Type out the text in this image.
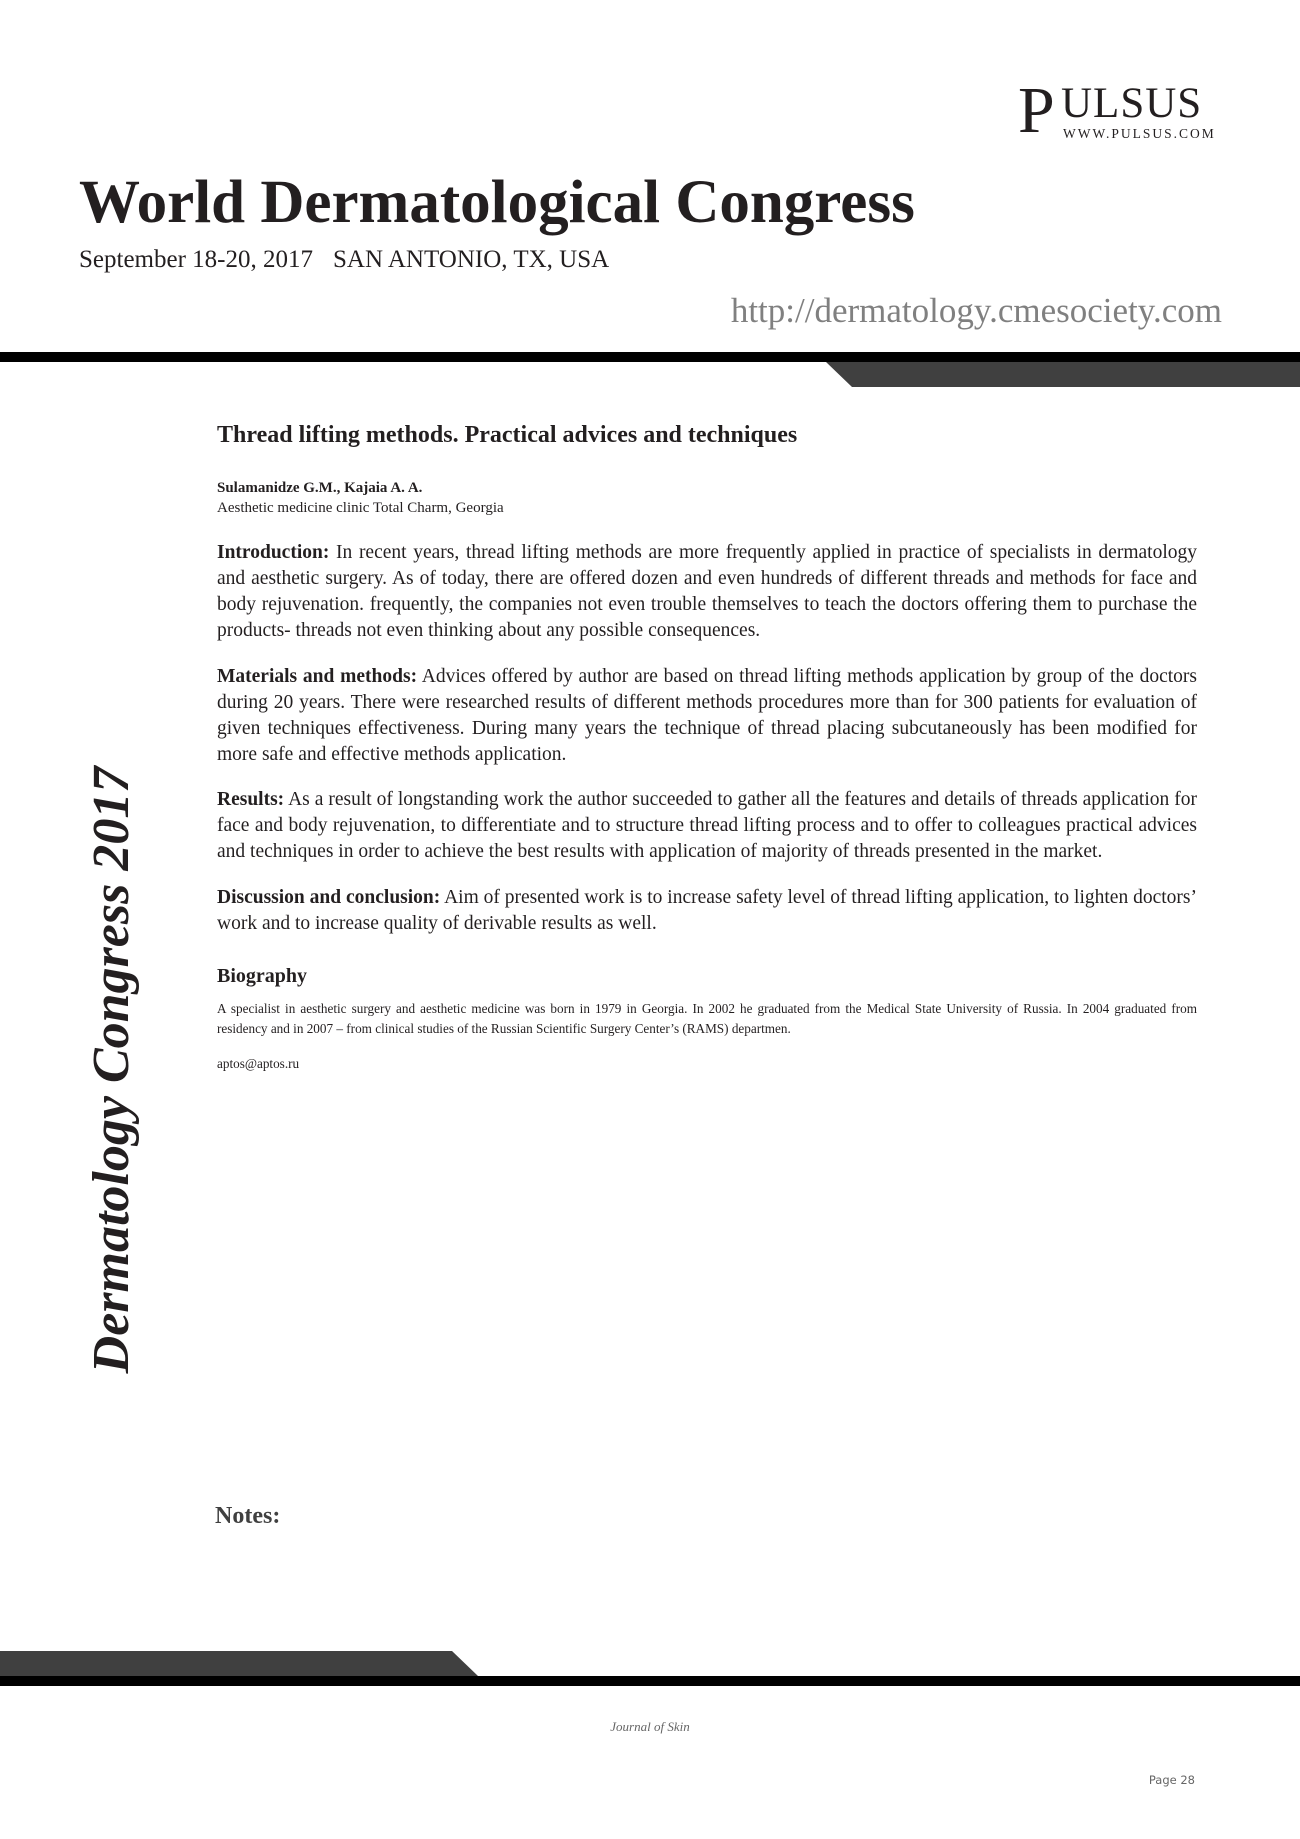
P ULSUS
WWW.PULSUS.COM
World Dermatological Congress
September 18-20, 2017 SAN ANTONIO, TX, USA
http://dermatology.cmesociety.com
Dermatology Congress 2017
Thread lifting methods. Practical advices and techniques
Sulamanidze G.M., Kajaia A. A.
Aesthetic medicine clinic Total Charm, Georgia

Introduction: In recent years, thread lifting methods are more frequently applied in practice of specialists in dermatology and aesthetic surgery. As of today, there are offered dozen and even hundreds of different threads and methods for face and body rejuvenation. frequently, the companies not even trouble themselves to teach the doctors offering them to purchase the products- threads not even thinking about any possible consequences.

Materials and methods: Advices offered by author are based on thread lifting methods application by group of the doctors during 20 years. There were researched results of different methods procedures more than for 300 patients for evaluation of given techniques effectiveness. During many years the technique of thread placing subcutaneously has been modified for more safe and effective methods application.

Results: As a result of longstanding work the author succeeded to gather all the features and details of threads application for face and body rejuvenation, to differentiate and to structure thread lifting process and to offer to colleagues practical advices and techniques in order to achieve the best results with application of majority of threads presented in the market.

Discussion and conclusion: Aim of presented work is to increase safety level of thread lifting application, to lighten doctors’ work and to increase quality of derivable results as well.

Biography
A specialist in aesthetic surgery and aesthetic medicine was born in 1979 in Georgia. In 2002 he graduated from the Medical State University of Russia. In 2004 graduated from residency and in 2007 – from clinical studies of the Russian Scientific Surgery Center’s (RAMS) departmen.
aptos@aptos.ru
Notes:
Journal of Skin
Page 28
